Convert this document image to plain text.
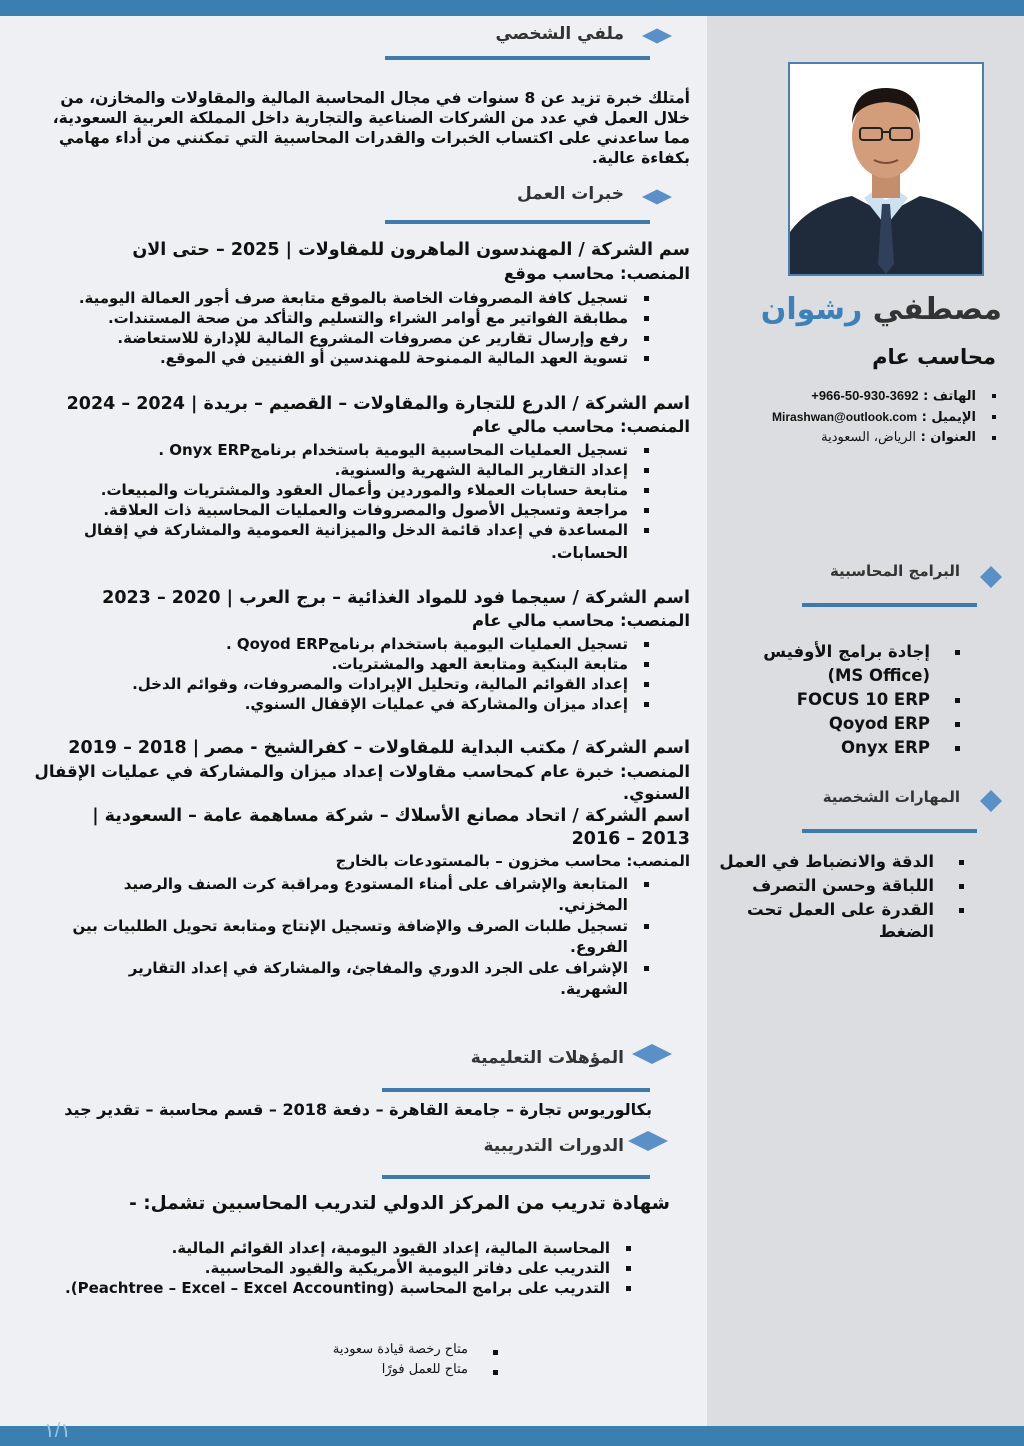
ملفي الشخصي
أمتلك خبرة تزيد عن 8 سنوات في مجال المحاسبة المالية والمقاولات والمخازن، من
خلال العمل في عدد من الشركات الصناعية والتجارية داخل المملكة العربية السعودية،
مما ساعدني على اكتساب الخبرات والقدرات المحاسبية التي تمكنني من أداء مهامي
بكفاءة عالية.
خبرات العمل
سم الشركة / المهندسون الماهرون للمقاولات | 2025 – حتى الان
المنصب: محاسب موقع
تسجيل كافة المصروفات الخاصة بالموقع متابعة صرف أجور العمالة اليومية.
مطابقة الفواتير مع أوامر الشراء والتسليم والتأكد من صحة المستندات.
رفع وإرسال تقارير عن مصروفات المشروع المالية للإدارة للاستعاضة.
تسوية العهد المالية الممنوحة للمهندسين أو الفنيين في الموقع.
اسم الشركة / الدرع للتجارة والمقاولات – القصيم – بريدة | 2024 – 2024
المنصب: محاسب مالي عام
تسجيل العمليات المحاسبية اليومية باستخدام برنامجOnyx ERP .
إعداد التقارير المالية الشهرية والسنوية.
متابعة حسابات العملاء والموردين وأعمال العقود والمشتريات والمبيعات.
مراجعة وتسجيل الأصول والمصروفات والعمليات المحاسبية ذات العلاقة.
المساعدة في إعداد قائمة الدخل والميزانية العمومية والمشاركة في إقفال
الحسابات.
اسم الشركة / سيجما فود للمواد الغذائية – برج العرب | 2020 – 2023
المنصب: محاسب مالي عام
تسجيل العمليات اليومية باستخدام برنامجQoyod ERP .
متابعة البنكية ومتابعة العهد والمشتريات.
إعداد القوائم المالية، وتحليل الإيرادات والمصروفات، وقوائم الدخل.
إعداد ميزان والمشاركة في عمليات الإقفال السنوي.
اسم الشركة / مكتب البداية للمقاولات – كفرالشيخ - مصر | 2018 – 2019
المنصب: خبرة عام كمحاسب مقاولات إعداد ميزان والمشاركة في عمليات الإقفال
السنوي.
اسم الشركة / اتحاد مصانع الأسلاك – شركة مساهمة عامة – السعودية |
2013 – 2016
المنصب: محاسب مخزون – بالمستودعات بالخارج
المتابعة والإشراف على أمناء المستودع ومراقبة كرت الصنف والرصيد
المخزني.
تسجيل طلبات الصرف والإضافة وتسجيل الإنتاج ومتابعة تحويل الطلبيات بين
الفروع.
الإشراف على الجرد الدوري والمفاجئ، والمشاركة في إعداد التقارير
الشهرية.
المؤهلات التعليمية
بكالوريوس تجارة – جامعة القاهرة – دفعة 2018 – قسم محاسبة – تقدير جيد
الدورات التدريبية
شهادة تدريب من المركز الدولي لتدريب المحاسبين تشمل: -
المحاسبة المالية، إعداد القيود اليومية، إعداد القوائم المالية.
التدريب على دفاتر اليومية الأمريكية والقيود المحاسبية.
التدريب على برامج المحاسبة (Peachtree – Excel – Excel Accounting).
متاح رخصة قيادة سعودية
متاح للعمل فورًا
مصطفي رشوان
محاسب عام
الهاتف : +966-50-930-3692
الإيميل : Mirashwan@outlook.com
العنوان : الرياض، السعودية
البرامج المحاسبية
إجادة برامج الأوفيس
(MS Office)
FOCUS 10 ERP
Qoyod ERP
Onyx ERP
المهارات الشخصية
الدقة والانضباط في العمل
اللباقة وحسن التصرف
القدرة على العمل تحت
الضغط
١/١
